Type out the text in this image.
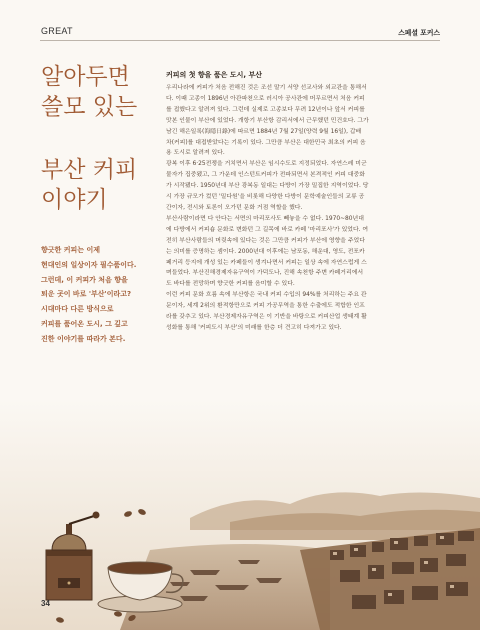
GREAT	스페셜 포커스
알아두면
쓸모 있는
부산 커피
이야기
향긋한 커피는 이제
현대인의 일상이자 필수품이다.
그런데, 이 커피가 처음 향을
퇴운 곳이 바로 '부산'이라고?
시대마다 다른 방식으로
커피를 품어온 도시, 그 깊고
진한 이야기를 따라가 본다.
커피의 첫 향을 품은 도시, 부산
우리나라에 커피가 처음 전해진 것은 조선 말기 서양 선교사와 외교관을 통해서
다. 이때 고종이 1896년 아관파천으로 러시아 공사관에 머무르면서 처음 커피
를 접했다고 알려져 있다. 그런데 실제로 고종보다 무려 12년이나 앞서 커피를
맛본 인물이 부산에 있었다. 개항기 부산항 감리서에서 근무했던 민건호다. 그가
남긴 해은일록(海隱日錄)에 따르면 1884년 7월 27일(양력 9월 16일), 갑배
차(커피)를 대접받았다는 기록이 있다. 그만큼 부산은 대한민국 최초의 커피 음
용 도시로 알려져 있다.
광복 이후 6·25전쟁을 거치면서 부산은 임시수도로 지정되었다. 자연스레 미군
물자가 집중됐고, 그 가운데 인스턴트커피가 전파되면서 본격적인 커피 대중화
가 시작됐다. 1950년대 부산 광복동 일대는 다방이 가장 밀집한 지역이었다. 당
시 가장 규모가 컸던 '밀다원'을 비롯해 다양한 다방이 문학예술인들의 교류 공
간이자, 전시와 토론이 오가던 문화 거점 역할을 했다.
부산사람이라면 다 안다는 서면의 마리포사도 빼놓을 수 없다. 1970~80년대
에 다방에서 커피숍 문화로 변화던 그 길목에 바로 카페 '마리포사'가 있었다. 여
전히 부산사람들의 머릿속에 있다는 것은 그만큼 커피가 부산에 영향을 주었다
는 의미를 증명하는 셈이다. 2000년대 이후에는 남포동, 해운대, 영도, 전포카
페거리 등지에 개성 있는 카페들이 생겨나면서 커피는 일상 속에 자연스럽게 스
며들었다. 부산진해경제자유구역이 가덕도나, 진해 속천항 주변 카페거리에서
도 바다를 전망하며 향긋한 커피를 음미할 수 있다.
이런 커피 문화 흐름 속에 부산항은 국내 커피 수입의 94%를 처리하는 주요 관
문이자, 세계 2위의 환적항만으로 커피 가공무역을 통한 수출에도 적합한 인프
라를 갖추고 있다. 부산경제자유구역은 이 기반을 바탕으로 커피산업 생태계 활
성화를 통해 '커피도시 부산'의 미래를 한층 더 견고히 다져가고 있다.
34
